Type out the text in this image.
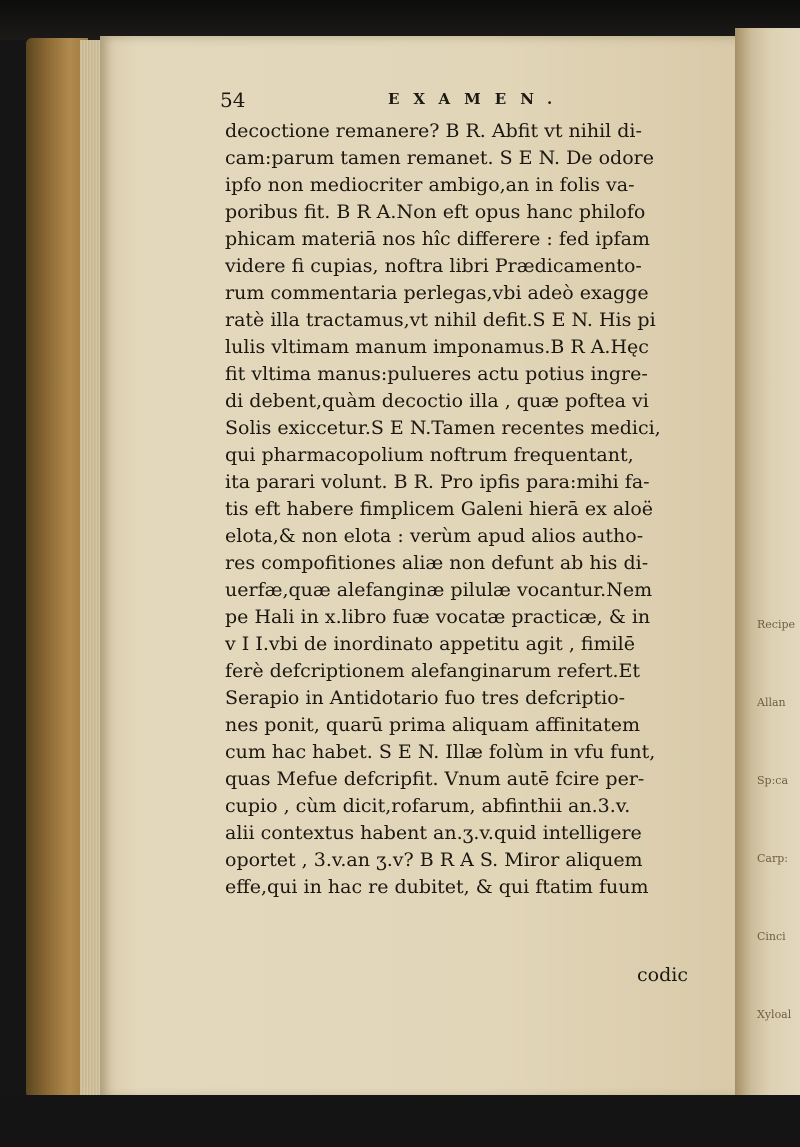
Recipe

Allan

Sp:ca

Carp:

Cinci

Xyloal

54	EXAMEN.
decoctione remanere? B R. Abfit vt nihil di-
cam:parum tamen remanet. S E N. De odore
ipfo non mediocriter ambigo,an in folis va-
poribus fit. B R A.Non eft opus hanc philofo
phicam materiā nos hîc differere : fed ipfam
videre fi cupias, noftra libri Prædicamento-
rum commentaria perlegas,vbi adeò exagge
ratè illa tractamus,vt nihil defit.S E N. His pi
lulis vltimam manum imponamus.B R A.Hęc
fit vltima manus:pulueres actu potius ingre-
di debent,quàm decoctio illa , quæ poftea vi
Solis exiccetur.S E N.Tamen recentes medici,
qui pharmacopolium noftrum frequentant,
ita parari volunt. B R. Pro ipfis para:mihi fa-
tis eft habere fimplicem Galeni hierā ex aloë
elota,& non elota : verùm apud alios autho-
res compofitiones aliæ non defunt ab his di-
uerfæ,quæ alefanginæ pilulæ vocantur.Nem
pe Hali in x.libro fuæ vocatæ practicæ, & in
v I I.vbi de inordinato appetitu agit , fimilē
ferè defcriptionem alefanginarum refert.Et
Serapio in Antidotario fuo tres defcriptio-
nes ponit, quarū prima aliquam affinitatem
cum hac habet. S E N. Illæ folùm in vfu funt,
quas Mefue defcripfit. Vnum autē fcire per-
cupio , cùm dicit,rofarum, abfinthii an.3.v.
alii contextus habent an.ʒ.v.quid intelligere
oportet , 3.v.an ʒ.v? B R A S. Miror aliquem
effe,qui in hac re dubitet, & qui ftatim fuum
codic
